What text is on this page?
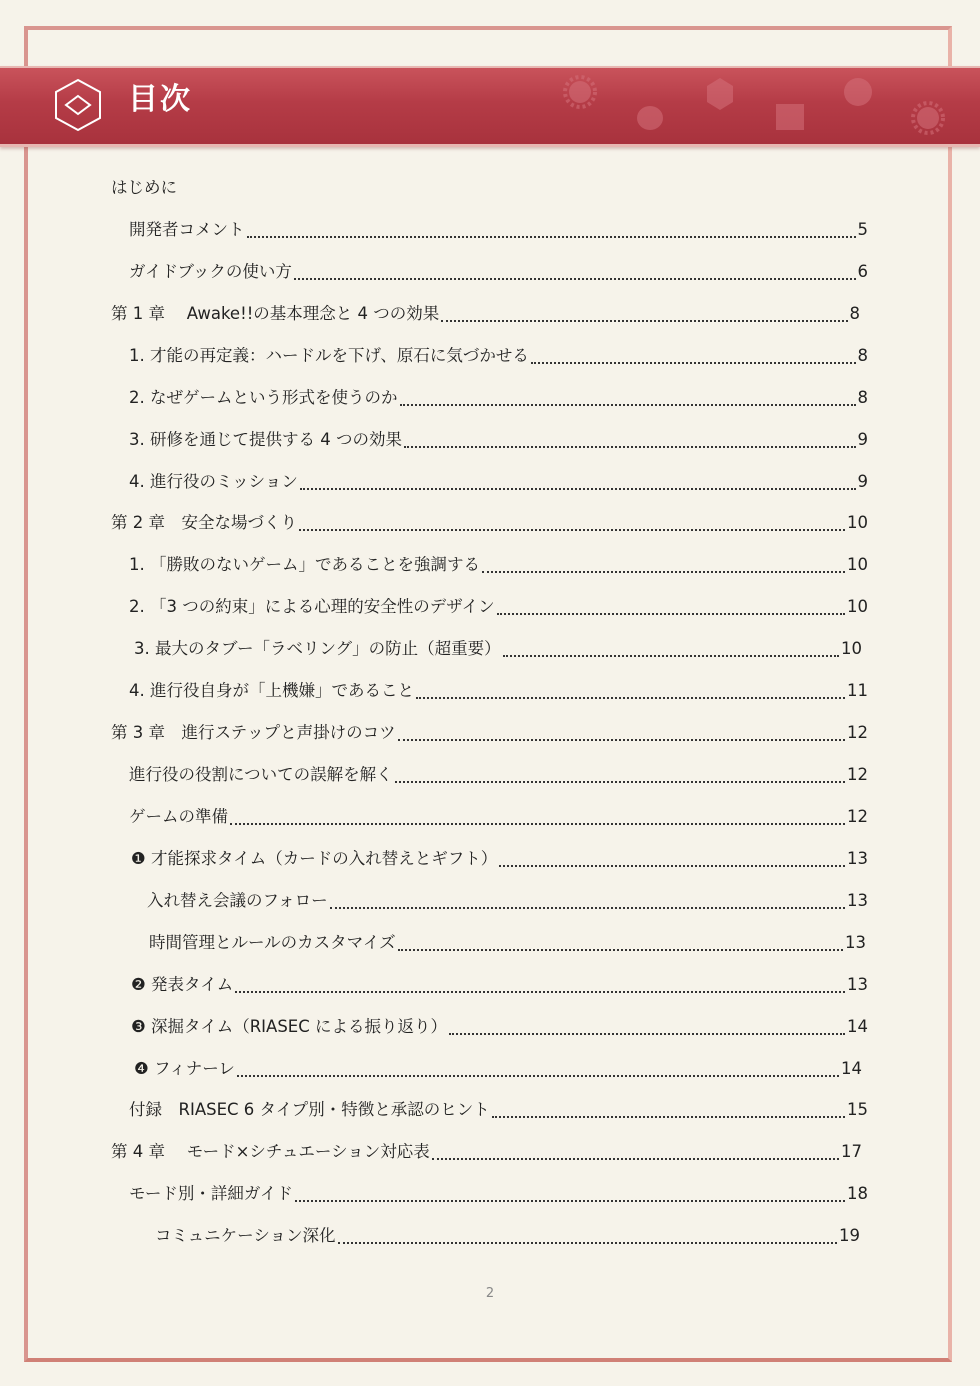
目次
はじめに
開発者コメント	5
ガイドブックの使い方	6
第 1 章　 Awake!!の基本理念と 4 つの効果	8
1. 才能の再定義：ハードルを下げ、原石に気づかせる	8
2. なぜゲームという形式を使うのか	8
3. 研修を通じて提供する 4 つの効果	9
4. 進行役のミッション	9
第 2 章　安全な場づくり	10
1. 「勝敗のないゲーム」であることを強調する	10
2. 「3 つの約束」による心理的安全性のデザイン	10
3. 最大のタブー「ラベリング」の防止（超重要）	10
4. 進行役自身が「上機嫌」であること	11
第 3 章　進行ステップと声掛けのコツ	12
進行役の役割についての誤解を解く	12
ゲームの準備	12
❶ 才能探求タイム（カードの入れ替えとギフト）	13
入れ替え会議のフォロー	13
時間管理とルールのカスタマイズ	13
❷ 発表タイム	13
❸ 深掘タイム（RIASEC による振り返り）	14
❹ フィナーレ	14
付録　RIASEC 6 タイプ別・特徴と承認のヒント	15
第 4 章　 モード×シチュエーション対応表	17
モード別・詳細ガイド	18
コミュニケーション深化	19
2
